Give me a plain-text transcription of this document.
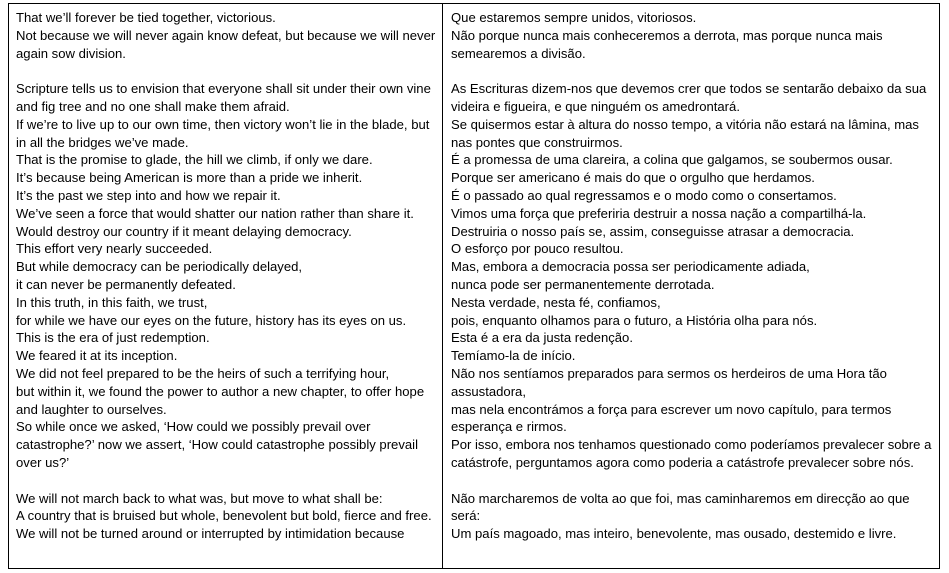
That we’ll forever be tied together, victorious.

Not because we will never again know defeat, but because we will never again sow division.

Scripture tells us to envision that everyone shall sit under their own vine and fig tree and no one shall make them afraid.

If we’re to live up to our own time, then victory won’t lie in the blade, but in all the bridges we’ve made.

That is the promise to glade, the hill we climb, if only we dare.

It’s because being American is more than a pride we inherit.

It’s the past we step into and how we repair it.

We’ve seen a force that would shatter our nation rather than share it.

Would destroy our country if it meant delaying democracy.

This effort very nearly succeeded.

But while democracy can be periodically delayed,

it can never be permanently defeated.

In this truth, in this faith, we trust,

for while we have our eyes on the future, history has its eyes on us.

This is the era of just redemption.

We feared it at its inception.

We did not feel prepared to be the heirs of such a terrifying hour,

but within it, we found the power to author a new chapter, to offer hope and laughter to ourselves.

So while once we asked, ‘How could we possibly prevail over catastrophe?’ now we assert, ‘How could catastrophe possibly prevail over us?’

We will not march back to what was, but move to what shall be:

A country that is bruised but whole, benevolent but bold, fierce and free.

We will not be turned around or interrupted by intimidation because

Que estaremos sempre unidos, vitoriosos.

Não porque nunca mais conheceremos a derrota, mas porque nunca mais semearemos a divisão.

As Escrituras dizem-nos que devemos crer que todos se sentarão debaixo da sua videira e figueira, e que ninguém os amedrontará.

Se quisermos estar à altura do nosso tempo, a vitória não estará na lâmina, mas nas pontes que construirmos.

É a promessa de uma clareira, a colina que galgamos, se soubermos ousar.

Porque ser americano é mais do que o orgulho que herdamos.

É o passado ao qual regressamos e o modo como o consertamos.

Vimos uma força que preferiria destruir a nossa nação a compartilhá-la.

Destruiria o nosso país se, assim, conseguisse atrasar a democracia.

O esforço por pouco resultou.

Mas, embora a democracia possa ser periodicamente adiada,

nunca pode ser permanentemente derrotada.

Nesta verdade, nesta fé, confiamos,

pois, enquanto olhamos para o futuro, a História olha para nós.

Esta é a era da justa redenção.

Temíamo-la de início.

Não nos sentíamos preparados para sermos os herdeiros de uma Hora tão assustadora,

mas nela encontrámos a força para escrever um novo capítulo, para termos esperança e rirmos.

Por isso, embora nos tenhamos questionado como poderíamos prevalecer sobre a catástrofe, perguntamos agora como poderia a catástrofe prevalecer sobre nós.

Não marcharemos de volta ao que foi, mas caminharemos em direcção ao que será:

Um país magoado, mas inteiro, benevolente, mas ousado, destemido e livre.
